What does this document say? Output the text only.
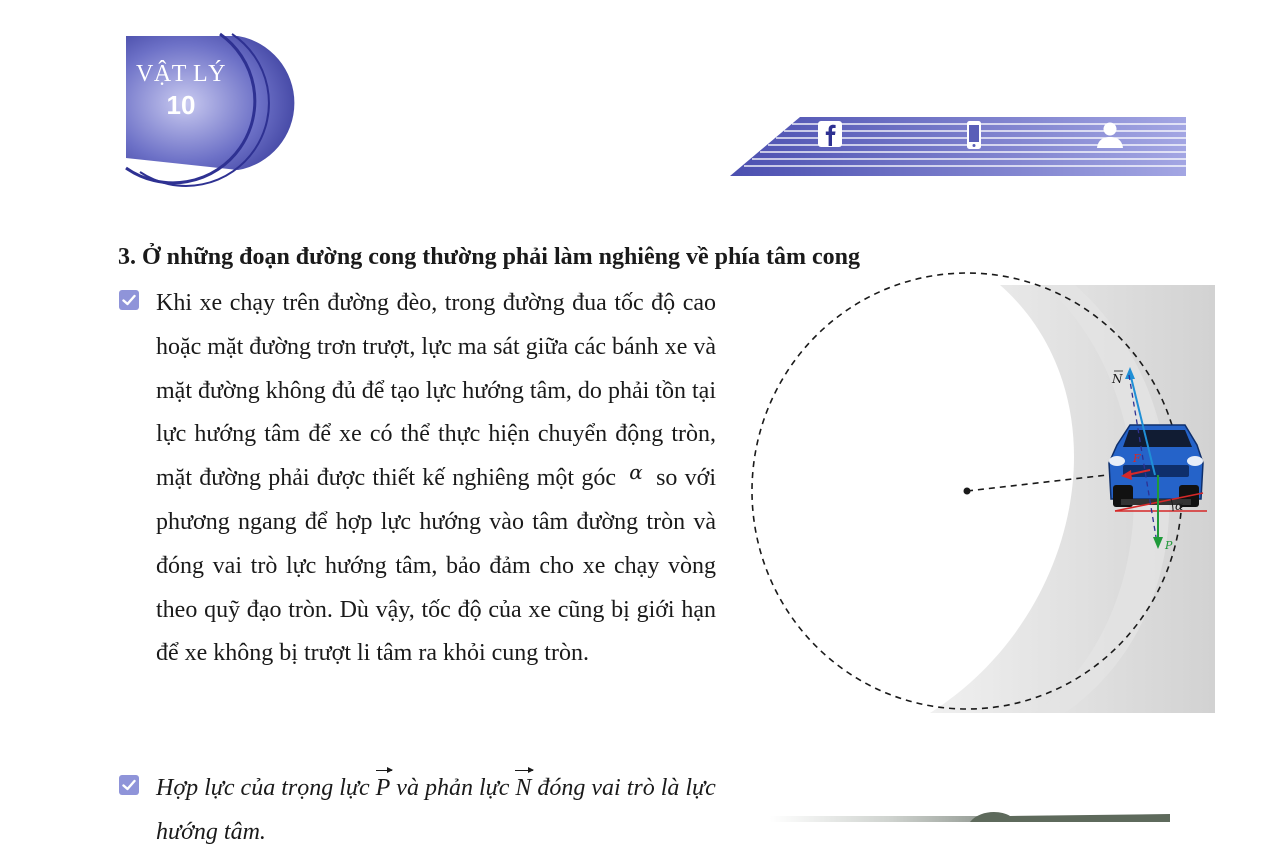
VẬT LÝ
10
3. Ở những đoạn đường cong thường phải làm nghiêng về phía tâm cong
Khi xe chạy trên đường đèo, trong đường đua tốc độ cao hoặc mặt đường trơn trượt, lực ma sát giữa các bánh xe và mặt đường không đủ để tạo lực hướng tâm, do phải tồn tại lực hướng tâm để xe có thể thực hiện chuyển động tròn, mặt đường phải được thiết kế nghiêng một góc $^\alpha$ so với phương ngang để hợp lực hướng vào tâm đường tròn và đóng vai trò lực hướng tâm, bảo đảm cho xe chạy vòng theo quỹ đạo tròn. Dù vậy, tốc độ của xe cũng bị giới hạn để xe không bị trượt li tâm ra khỏi cung tròn.
Hợp lực của trọng lực P và phản lực N đóng vai trò là lực
hướng tâm.
α
N
P
F
